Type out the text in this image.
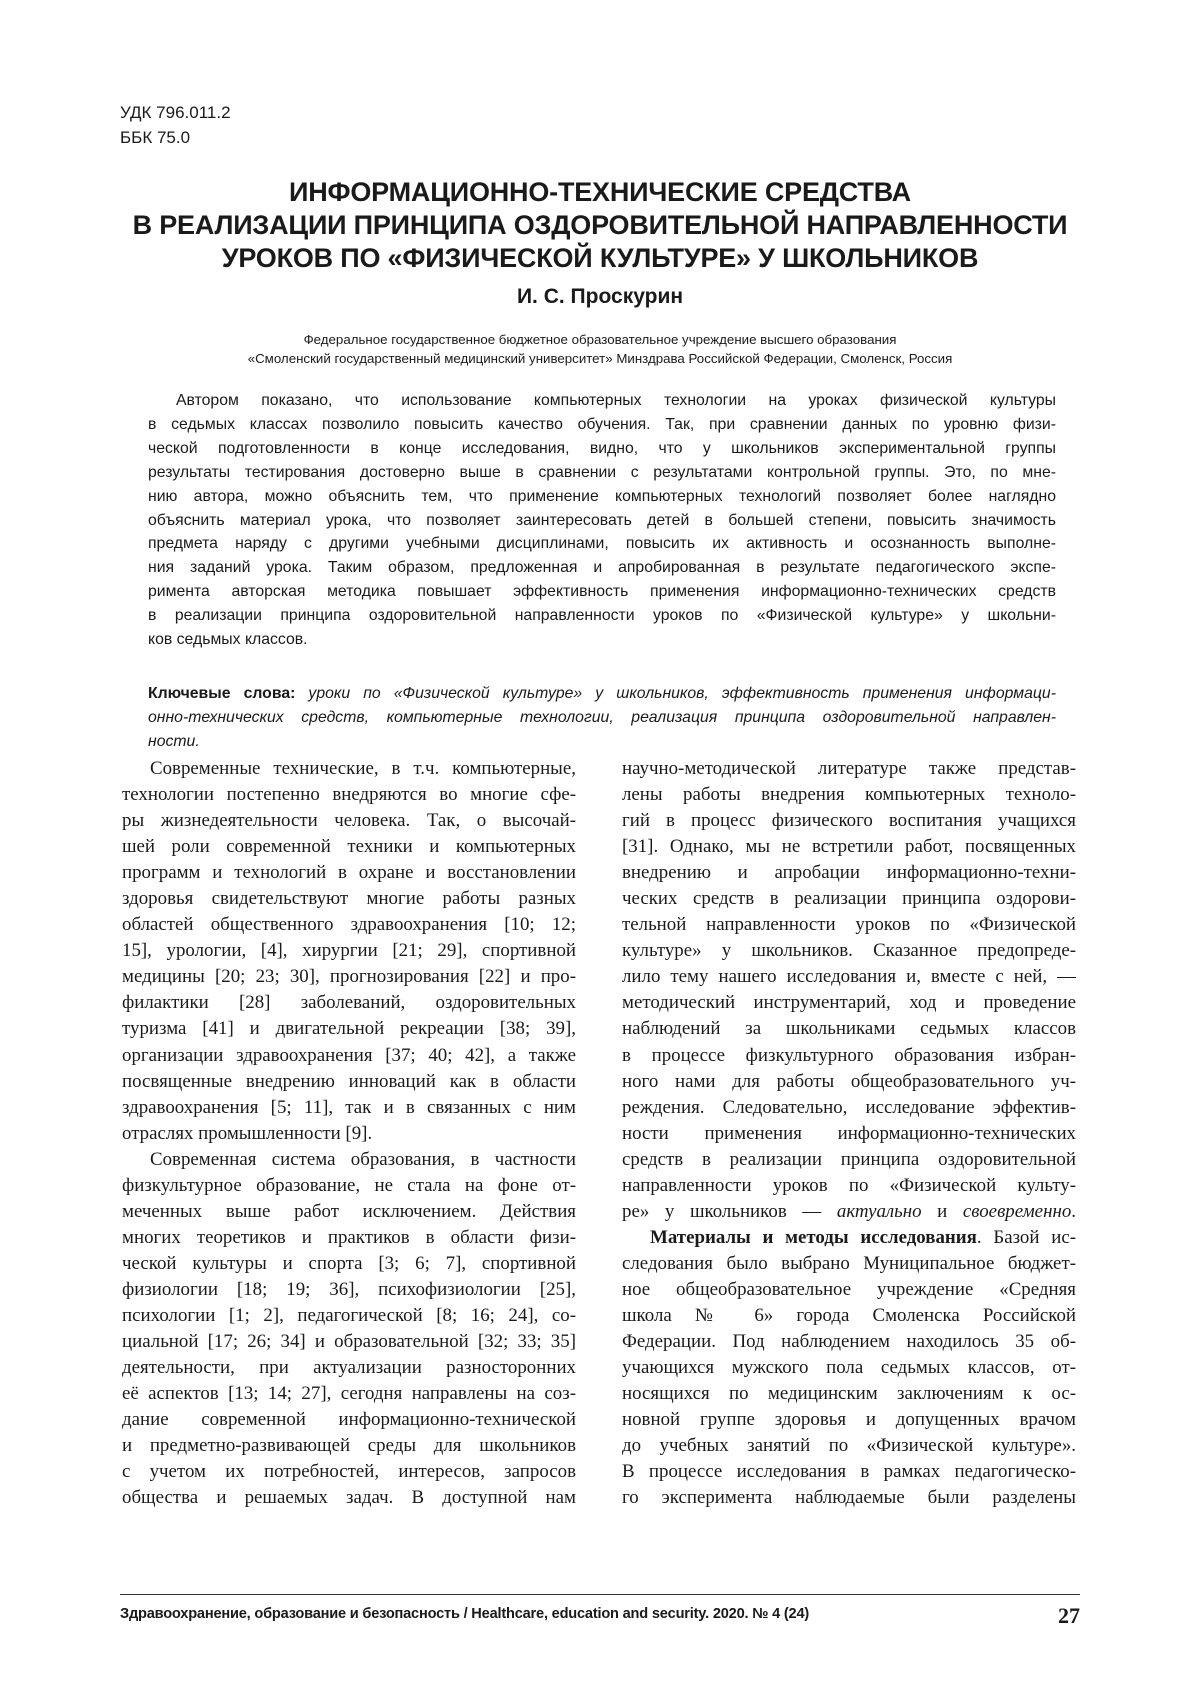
УДК 796.011.2
ББК 75.0
ИНФОРМАЦИОННО-ТЕХНИЧЕСКИЕ СРЕДСТВА
В РЕАЛИЗАЦИИ ПРИНЦИПА ОЗДОРОВИТЕЛЬНОЙ НАПРАВЛЕННОСТИ
УРОКОВ ПО «ФИЗИЧЕСКОЙ КУЛЬТУРЕ» У ШКОЛЬНИКОВ
И. С. Проскурин
Федеральное государственное бюджетное образовательное учреждение высшего образования
«Смоленский государственный медицинский университет» Минздрава Российской Федерации, Смоленск, Россия
Автором показано, что использование компьютерных технологии на уроках физической культуры
в седьмых классах позволило повысить качество обучения. Так, при сравнении данных по уровню физи-
ческой подготовленности в конце исследования, видно, что у школьников экспериментальной группы
результаты тестирования достоверно выше в сравнении с результатами контрольной группы. Это, по мне-
нию автора, можно объяснить тем, что применение компьютерных технологий позволяет более наглядно
объяснить материал урока, что позволяет заинтересовать детей в большей степени, повысить значимость
предмета наряду с другими учебными дисциплинами, повысить их активность и осознанность выполне-
ния заданий урока. Таким образом, предложенная и апробированная в результате педагогического экспе-
римента авторская методика повышает эффективность применения информационно-технических средств
в реализации принципа оздоровительной направленности уроков по «Физической культуре» у школьни-
ков седьмых классов.
Ключевые слова: уроки по «Физической культуре» у школьников, эффективность применения информаци-
онно-технических средств, компьютерные технологии, реализация принципа оздоровительной направлен-
ности.
Современные технические, в т.ч. компьютерные,
технологии постепенно внедряются во многие сфе-
ры жизнедеятельности человека. Так, о высочай-
шей роли современной техники и компьютерных
программ и технологий в охране и восстановлении
здоровья свидетельствуют многие работы разных
областей общественного здравоохранения [10; 12;
15], урологии, [4], хирургии [21; 29], спортивной
медицины [20; 23; 30], прогнозирования [22] и про-
филактики [28] заболеваний, оздоровительных
туризма [41] и двигательной рекреации [38; 39],
организации здравоохранения [37; 40; 42], а также
посвященные внедрению инноваций как в области
здравоохранения [5; 11], так и в связанных с ним
отраслях промышленности [9].
Современная система образования, в частности
физкультурное образование, не стала на фоне от-
меченных выше работ исключением. Действия
многих теоретиков и практиков в области физи-
ческой культуры и спорта [3; 6; 7], спортивной
физиологии [18; 19; 36], психофизиологии [25],
психологии [1; 2], педагогической [8; 16; 24], со-
циальной [17; 26; 34] и образовательной [32; 33; 35]
деятельности, при актуализации разносторонних
её аспектов [13; 14; 27], сегодня направлены на соз-
дание современной информационно-технической
и предметно-развивающей среды для школьников
с учетом их потребностей, интересов, запросов
общества и решаемых задач. В доступной нам
научно-методической литературе также представ-
лены работы внедрения компьютерных техноло-
гий в процесс физического воспитания учащихся
[31]. Однако, мы не встретили работ, посвященных
внедрению и апробации информационно-техни-
ческих средств в реализации принципа оздорови-
тельной направленности уроков по «Физической
культуре» у школьников. Сказанное предопреде-
лило тему нашего исследования и, вместе с ней, —
методический инструментарий, ход и проведение
наблюдений за школьниками седьмых классов
в процессе физкультурного образования избран-
ного нами для работы общеобразовательного уч-
реждения. Следовательно, исследование эффектив-
ности применения информационно-технических
средств в реализации принципа оздоровительной
направленности уроков по «Физической культу-
ре» у школьников — актуально и своевременно.
Материалы и методы исследования. Базой ис-
следования было выбрано Муниципальное бюджет-
ное общеобразовательное учреждение «Средняя
школа № 6» города Смоленска Российской
Федерации. Под наблюдением находилось 35 об-
учающихся мужского пола седьмых классов, от-
носящихся по медицинским заключениям к ос-
новной группе здоровья и допущенных врачом
до учебных занятий по «Физической культуре».
В процессе исследования в рамках педагогическо-
го эксперимента наблюдаемые были разделены
Здравоохранение, образование и безопасность / Healthcare, education and security. 2020. № 4 (24)	27
